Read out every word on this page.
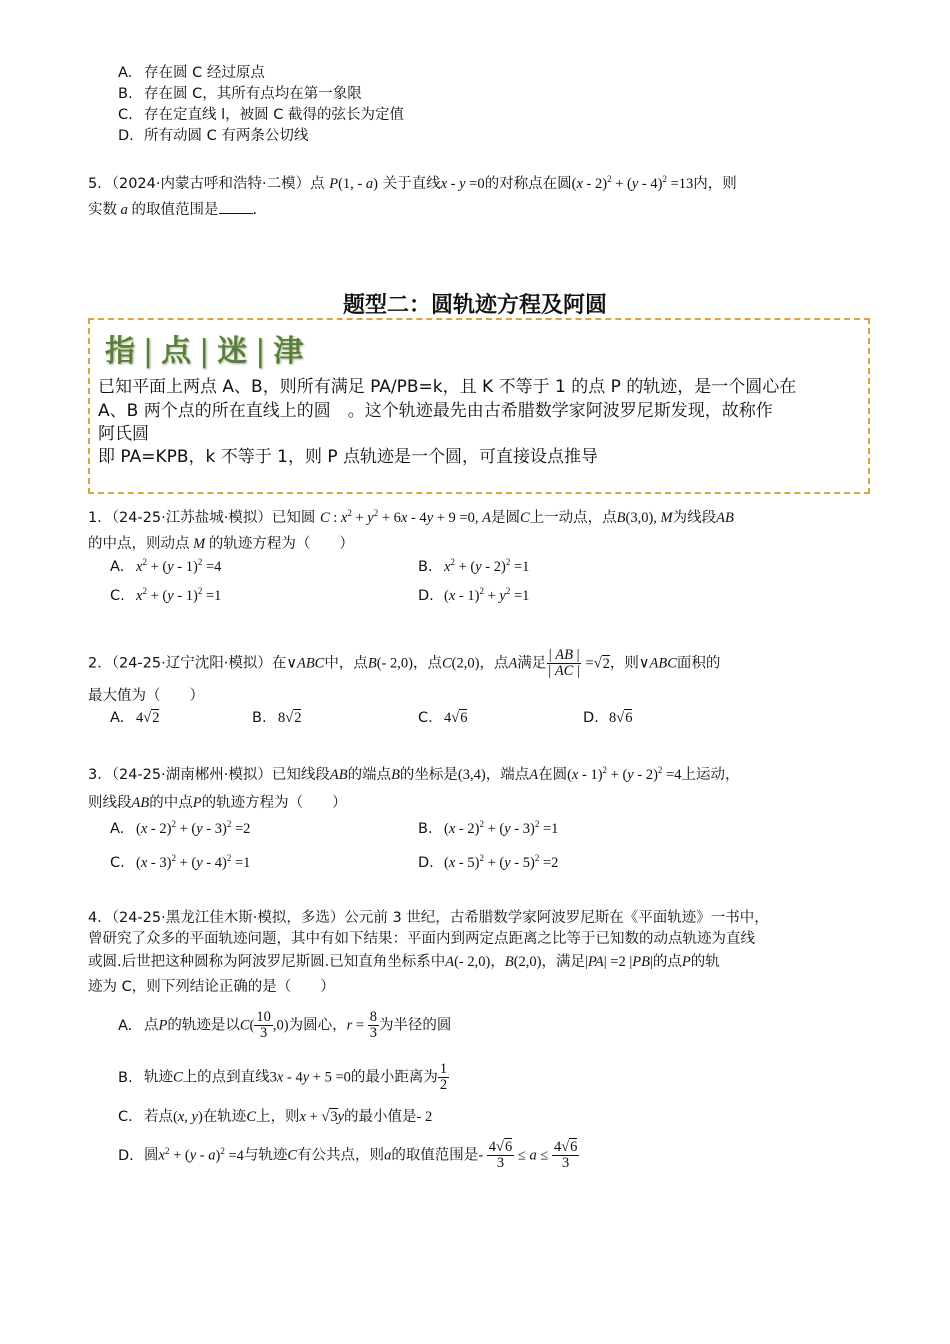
A. 存在圆 C 经过原点
B. 存在圆 C，其所有点均在第一象限
C. 存在定直线 l，被圆 C 截得的弦长为定值
D. 所有动圆 C 有两条公切线
5．（2024·内蒙古呼和浩特·二模）点 P(1, - a) 关于直线x - y =0的对称点在圆(x - 2)$^2$ + (y - 4)$^2$ =13内，则
实数 a 的取值范围是 .
题型二：圆轨迹方程及阿圆
指 | 点 | 迷 | 津
已知平面上两点 A、B，则所有满足 PA/PB=k，且 K 不等于 1 的点 P 的轨迹，是一个圆心在
A、B 两个点的所在直线上的圆　。这个轨迹最先由古希腊数学家阿波罗尼斯发现，故称作
阿氏圆
即 PA=KPB，k 不等于 1，则 P 点轨迹是一个圆，可直接设点推导
1．（24-25·江苏盐城·模拟）已知圆 C : $x^2 + y^2 + 6x - 4y + 9 =0$, A是圆C上一动点，点B(3,0), M为线段AB
的中点，则动点 M 的轨迹方程为（　　）
A. $x^2 + (y - 1)^2 =4$	B. $x^2 + (y - 2)^2 =1$
C. $x^2 + (y - 1)^2 =1$	D. $(x - 1)^2 + y^2 =1$
2．（24-25·辽宁沈阳·模拟）在∨ABC中，点B(- 2,0)，点C(2,0)，点A满足 $\frac{| AB |}{| AC |} =√2$，则∨ABC面积的
最大值为（　　）
A. 4√2	B. 8√2	C. 4√6	D. 8√6
3．（24-25·湖南郴州·模拟）已知线段AB的端点B的坐标是(3,4)，端点A在圆(x - 1)$^2$ + (y - 2)$^2$ =4上运动，
则线段AB的中点P的轨迹方程为（　　）
A. (x - 2)$^2$ + (y - 3)$^2$ =2	B. (x - 2)$^2$ + (y - 3)$^2$ =1
C. (x - 3)$^2$ + (y - 4)$^2$ =1	D. (x - 5)$^2$ + (y - 5)$^2$ =2
4．（24-25·黑龙江佳木斯·模拟，多选）公元前 3 世纪，古希腊数学家阿波罗尼斯在《平面轨迹》一书中，
曾研究了众多的平面轨迹问题，其中有如下结果：平面内到两定点距离之比等于已知数的动点轨迹为直线
或圆.后世把这种圆称为阿波罗尼斯圆.已知直角坐标系中A(- 2,0)，B(2,0)，满足|PA| =2 |PB|的点P的轨
迹为 C，则下列结论正确的是（　　）
A. 点P的轨迹是以$C( \frac{10}{3} ,0)$为圆心，$r = \frac{8}{3}$ 为半径的圆
B. 轨迹C上的点到直线3x - 4y + 5 =0的最小距离为 $\frac{1}{2}$
C. 若点(x, y)在轨迹C上，则x + √3y的最小值是- 2
D. 圆$x^2 + (y - a)^2 =4$与轨迹C有公共点，则a的取值范围是- $\frac{4√6}{3} \le a \le \frac{4√6}{3}$
